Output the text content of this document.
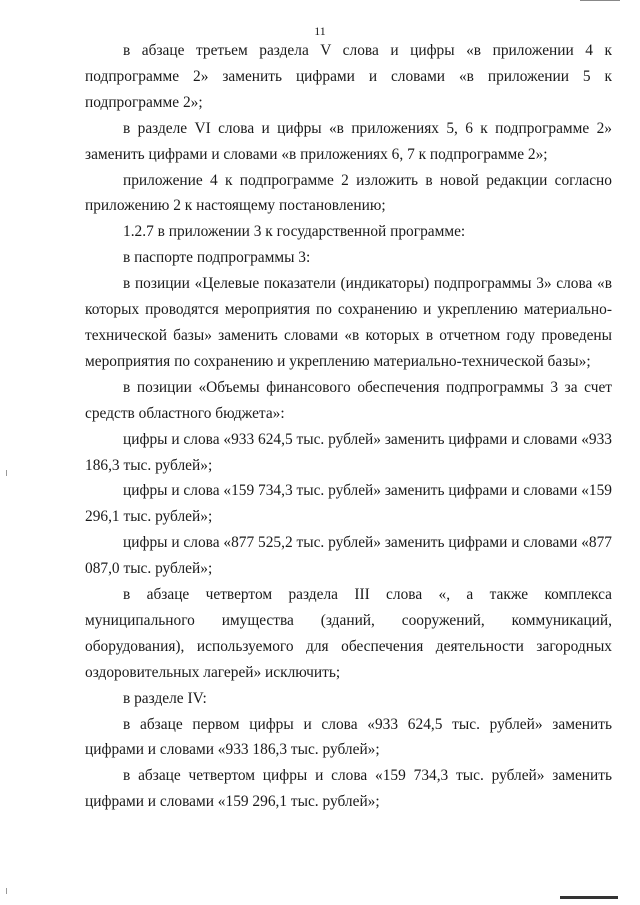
11

в абзаце третьем раздела V слова и цифры «в приложении 4 к подпрограмме 2» заменить цифрами и словами «в приложении 5 к подпрограмме 2»;

в разделе VI слова и цифры «в приложениях 5, 6 к подпрограмме 2» заменить цифрами и словами «в приложениях 6, 7 к подпрограмме 2»;

приложение 4 к подпрограмме 2 изложить в новой редакции согласно приложению 2 к настоящему постановлению;

1.2.7 в приложении 3 к государственной программе:

в паспорте подпрограммы 3:

в позиции «Целевые показатели (индикаторы) подпрограммы 3» слова «в которых проводятся мероприятия по сохранению и укреплению материально-технической базы» заменить словами «в которых в отчетном году проведены мероприятия по сохранению и укреплению материально-технической базы»;

в позиции «Объемы финансового обеспечения подпрограммы 3 за счет средств областного бюджета»:

цифры и слова «933 624,5 тыс. рублей» заменить цифрами и словами «933 186,3 тыс. рублей»;

цифры и слова «159 734,3 тыс. рублей» заменить цифрами и словами «159 296,1 тыс. рублей»;

цифры и слова «877 525,2 тыс. рублей» заменить цифрами и словами «877 087,0 тыс. рублей»;

в абзаце четвертом раздела III слова «, а также комплекса муниципального имущества (зданий, сооружений, коммуникаций, оборудования), используемого для обеспечения деятельности загородных оздоровительных лагерей» исключить;

в разделе IV:

в абзаце первом цифры и слова «933 624,5 тыс. рублей» заменить цифрами и словами «933 186,3 тыс. рублей»;

в абзаце четвертом цифры и слова «159 734,3 тыс. рублей» заменить цифрами и словами «159 296,1 тыс. рублей»;
